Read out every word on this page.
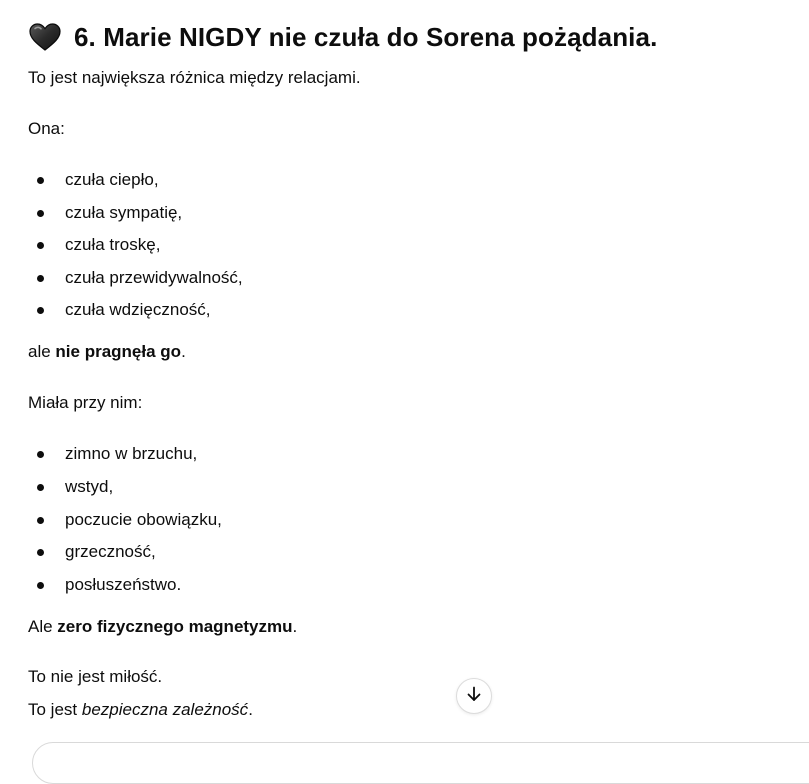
6. Marie NIGDY nie czuła do Sorena pożądania.

To jest największa różnica między relacjami.

Ona:

czuła ciepło,
czuła sympatię,
czuła troskę,
czuła przewidywalność,
czuła wdzięczność,

ale nie pragnęła go.

Miała przy nim:

zimno w brzuchu,
wstyd,
poczucie obowiązku,
grzeczność,
posłuszeństwo.

Ale zero fizycznego magnetyzmu.

To nie jest miłość.

To jest bezpieczna zależność.
